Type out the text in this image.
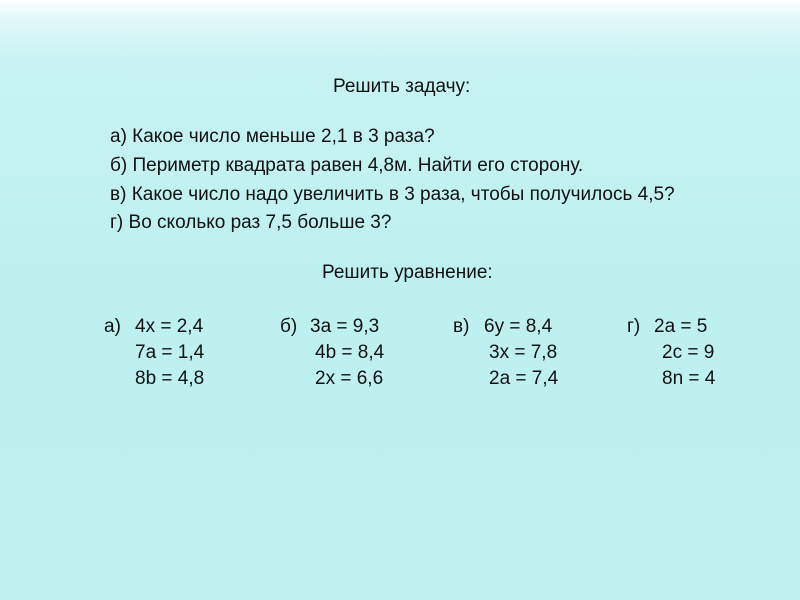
Решить задачу:
а) Какое число меньше 2,1 в 3 раза?
б) Периметр квадрата равен 4,8м. Найти его сторону.
в) Какое число надо увеличить в 3 раза, чтобы получилось 4,5?
г) Во сколько раз 7,5 больше 3?
Решить уравнение:
а) 4x = 2,4
7a = 1,4
8b = 4,8
б) 3a = 9,3
4b = 8,4
2x = 6,6
в) 6y = 8,4
3x = 7,8
2a = 7,4
г) 2a = 5
2c = 9
8n = 4
